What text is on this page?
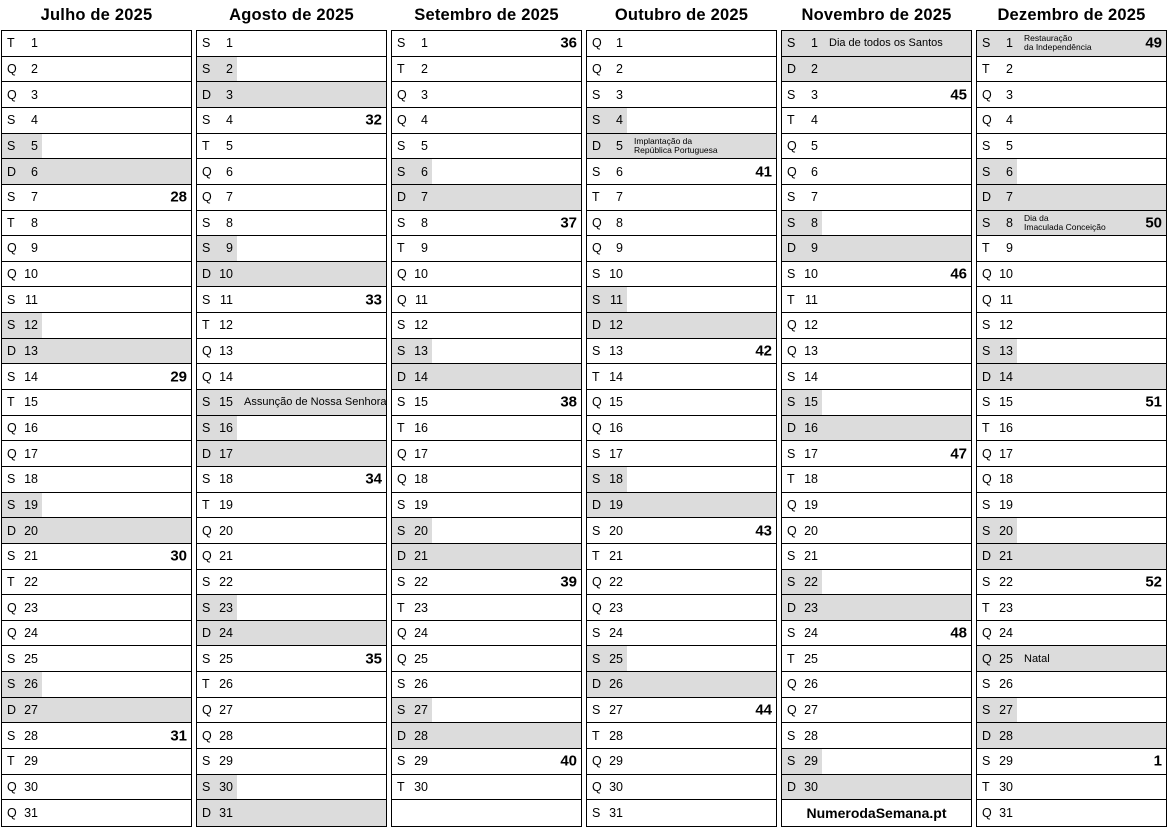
Julho de 2025
T	1
Q	2
Q	3
S	4
S	5
D	6
S	7	28
T	8
Q	9
Q 10
S 11
S 12
D 13
S 14	29
T 15
Q 16
Q 17
S 18
S 19
D 20
S 21	30
T 22
Q 23
Q 24
S 25
S 26
D 27
S 28	31
T 29
Q 30
Q 31
Agosto de 2025
S	1
S	2
D	3
S	4	32
T	5
Q	6
Q	7
S	8
S	9
D 10
S 11	33
T 12
Q 13
Q 14
S 15 Assunção de Nossa Senhora
S 16
D 17
S 18	34
T 19
Q 20
Q 21
S 22
S 23
D 24
S 25	35
T 26
Q 27
Q 28
S 29
S 30
D 31
Setembro de 2025
S	1	36
T	2
Q	3
Q	4
S	5
S	6
D	7
S	8	37
T	9
Q 10
Q 11
S 12
S 13
D 14
S 15	38
T 16
Q 17
Q 18
S 19
S 20
D 21
S 22	39
T 23
Q 24
Q 25
S 26
S 27
D 28
S 29	40
T 30
Outubro de 2025
Q	1
Q	2
S	3
S	4
D	5 Implantação da
República Portuguesa
S	6	41
T	7
Q	8
Q	9
S 10
S 11
D 12
S 13	42
T 14
Q 15
Q 16
S 17
S 18
D 19
S 20	43
T 21
Q 22
Q 23
S 24
S 25
D 26
S 27	44
T 28
Q 29
Q 30
S 31
Novembro de 2025
S	1 Dia de todos os Santos
D	2
S	3	45
T	4
Q	5
Q	6
S	7
S	8
D	9
S 10	46
T 11
Q 12
Q 13
S 14
S 15
D 16
S 17	47
T 18
Q 19
Q 20
S 21
S 22
D 23
S 24	48
T 25
Q 26
Q 27
S 28
S 29
D 30
NumerodaSemana.pt
Dezembro de 2025
S	1 Restauração
da Independência	49
T	2
Q	3
Q	4
S	5
S	6
D	7
S	8 Dia da
Imaculada Conceição	50
T	9
Q 10
Q 11
S 12
S 13
D 14
S 15	51
T 16
Q 17
Q 18
S 19
S 20
D 21
S 22	52
T 23
Q 24
Q 25 Natal
S 26
S 27
D 28
S 29	1
T 30
Q 31
